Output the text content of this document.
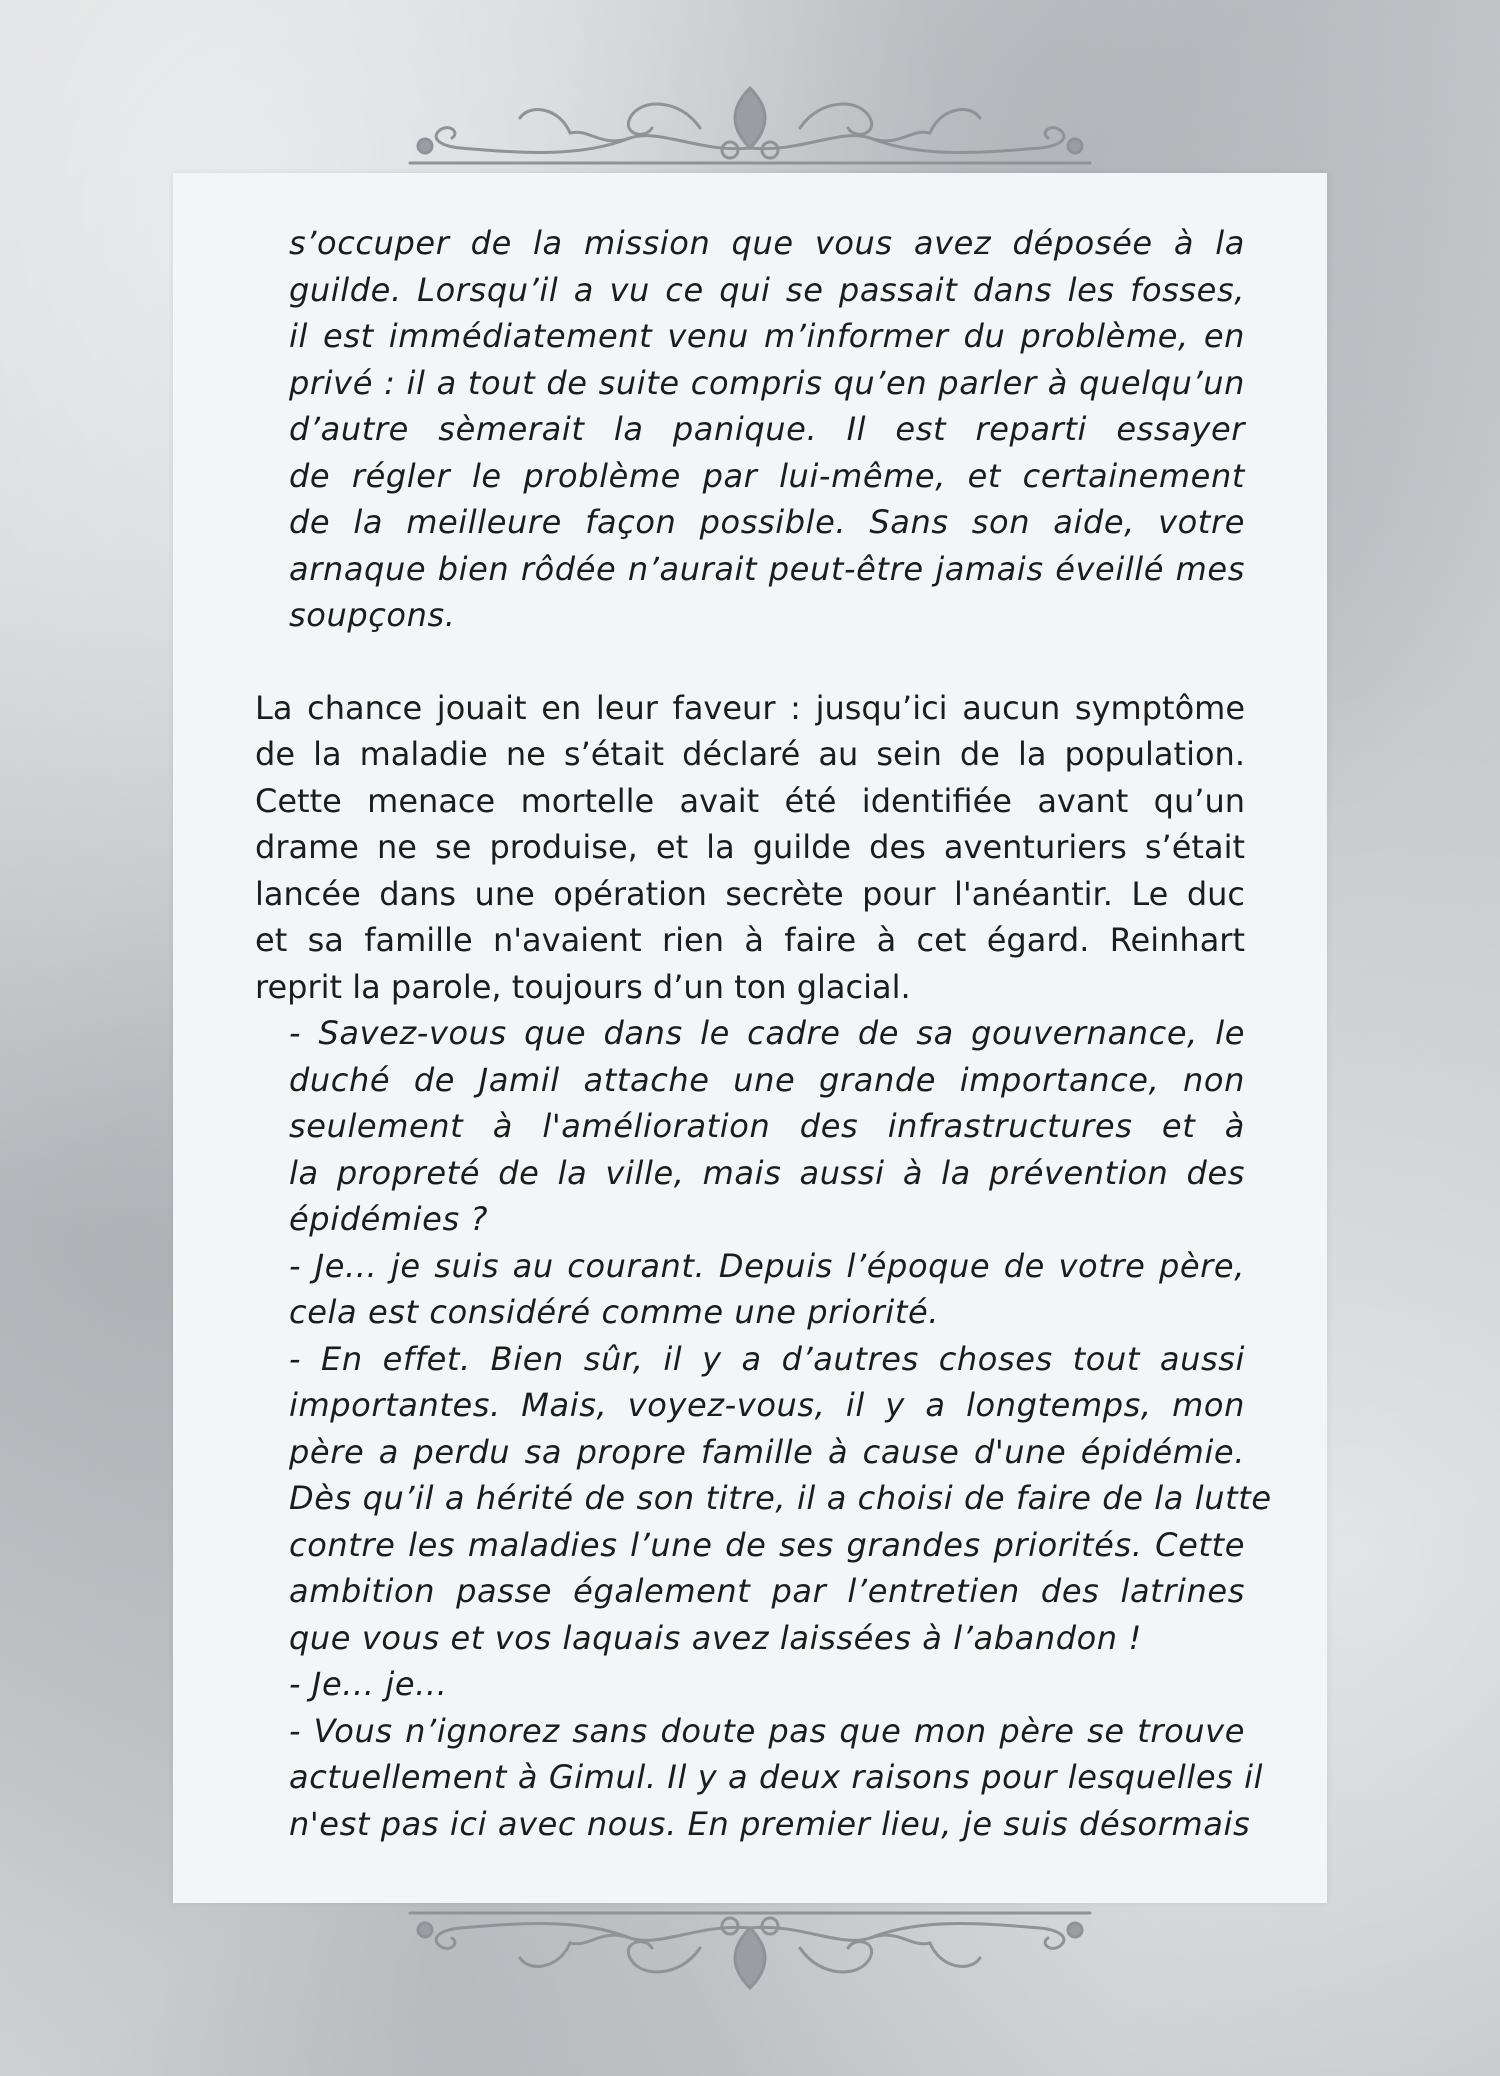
s’occuper de la mission que vous avez déposée à la
guilde. Lorsqu’il a vu ce qui se passait dans les fosses,
il est immédiatement venu m’informer du problème, en
privé : il a tout de suite compris qu’en parler à quelqu’un
d’autre sèmerait la panique. Il est reparti essayer
de régler le problème par lui-même, et certainement
de la meilleure façon possible. Sans son aide, votre
arnaque bien rôdée n’aurait peut-être jamais éveillé mes
soupçons.
La chance jouait en leur faveur : jusqu’ici aucun symptôme
de la maladie ne s’était déclaré au sein de la population.
Cette menace mortelle avait été identifiée avant qu’un
drame ne se produise, et la guilde des aventuriers s’était
lancée dans une opération secrète pour l'anéantir. Le duc
et sa famille n'avaient rien à faire à cet égard. Reinhart
reprit la parole, toujours d’un ton glacial.
- Savez-vous que dans le cadre de sa gouvernance, le
duché de Jamil attache une grande importance, non
seulement à l'amélioration des infrastructures et à
la propreté de la ville, mais aussi à la prévention des
épidémies ?
- Je... je suis au courant. Depuis l’époque de votre père,
cela est considéré comme une priorité.
- En effet. Bien sûr, il y a d’autres choses tout aussi
importantes. Mais, voyez-vous, il y a longtemps, mon
père a perdu sa propre famille à cause d'une épidémie.
Dès qu’il a hérité de son titre, il a choisi de faire de la lutte
contre les maladies l’une de ses grandes priorités. Cette
ambition passe également par l’entretien des latrines
que vous et vos laquais avez laissées à l’abandon !
- Je... je...
- Vous n’ignorez sans doute pas que mon père se trouve
actuellement à Gimul. Il y a deux raisons pour lesquelles il
n'est pas ici avec nous. En premier lieu, je suis désormais
